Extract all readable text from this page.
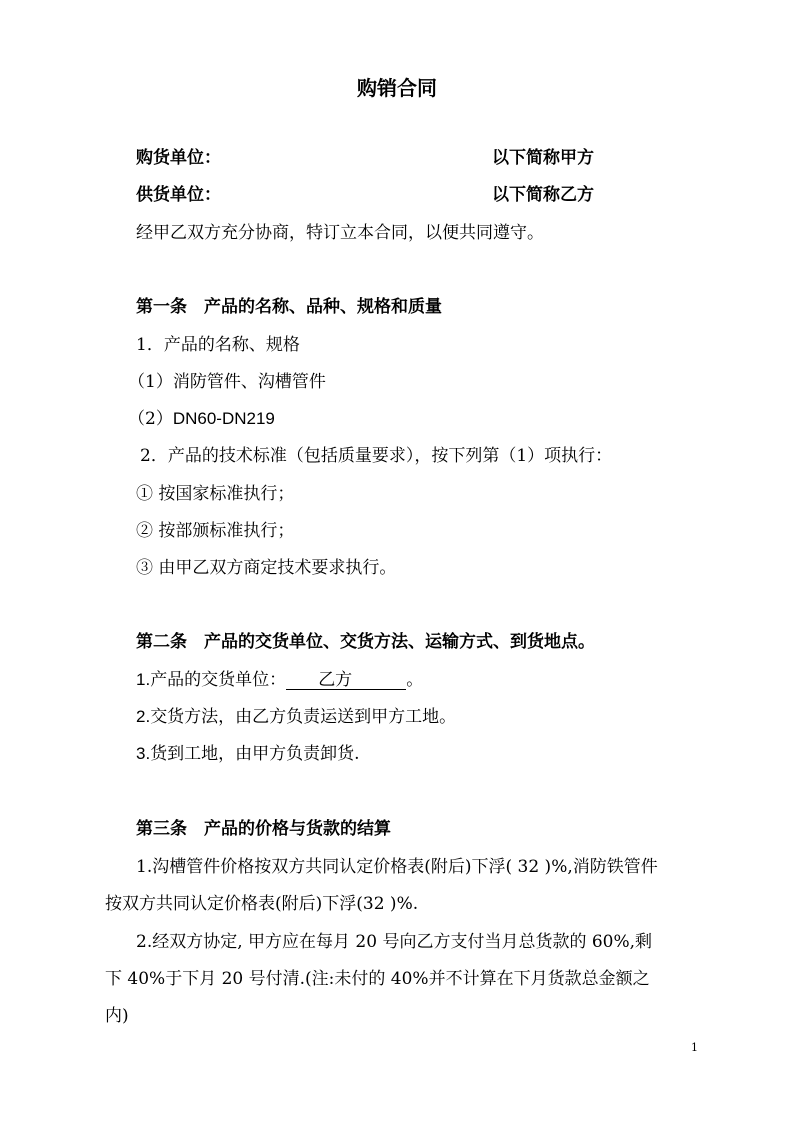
购销合同
购货单位：	以下简称甲方
供货单位：	以下简称乙方
经甲乙双方充分协商，特订立本合同，以便共同遵守。
第一条　产品的名称、品种、规格和质量
1．产品的名称、规格
（1）消防管件、沟槽管件
（2）DN60-DN219
2．产品的技术标准（包括质量要求），按下列第（1）项执行：
① 按国家标准执行；
② 按部颁标准执行；
③ 由甲乙双方商定技术要求执行。
第二条　产品的交货单位、交货方法、运输方式、到货地点。
1.产品的交货单位： 乙方	。
2.交货方法，由乙方负责运送到甲方工地。
3.货到工地，由甲方负责卸货.
第三条　产品的价格与货款的结算
1.沟槽管件价格按双方共同认定价格表(附后)下浮( 32 )%,消防铁管件
按双方共同认定价格表(附后)下浮(32 )%.
2.经双方协定, 甲方应在每月 20 号向乙方支付当月总货款的 60%,剩
下 40%于下月 20 号付清.(注:未付的 40%并不计算在下月货款总金额之
内)
1
